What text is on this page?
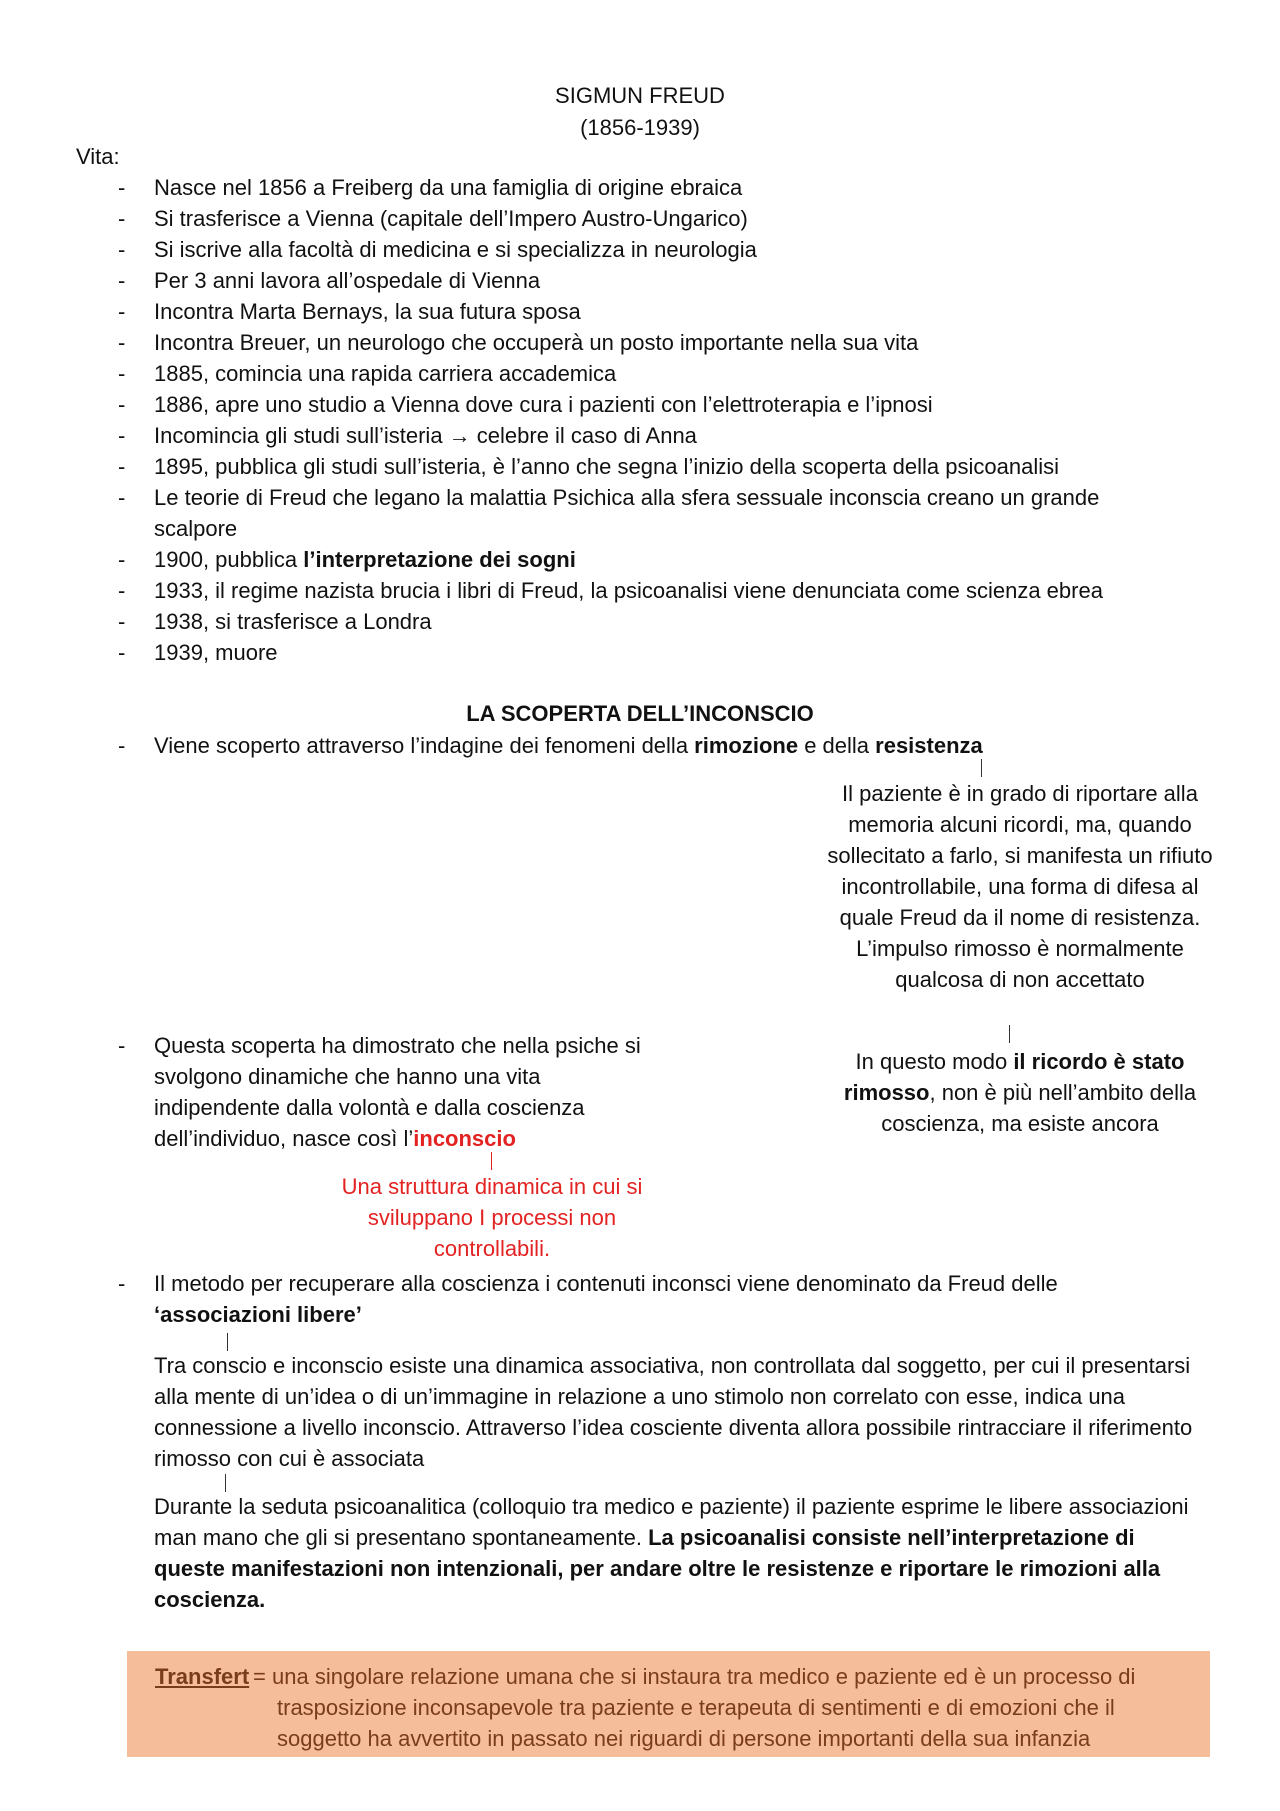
SIGMUN FREUD
(1856-1939)
Vita:
- Nasce nel 1856 a Freiberg da una famiglia di origine ebraica
- Si trasferisce a Vienna (capitale dell’Impero Austro-Ungarico)
- Si iscrive alla facoltà di medicina e si specializza in neurologia
- Per 3 anni lavora all’ospedale di Vienna
- Incontra Marta Bernays, la sua futura sposa
- Incontra Breuer, un neurologo che occuperà un posto importante nella sua vita
- 1885, comincia una rapida carriera accademica
- 1886, apre uno studio a Vienna dove cura i pazienti con l’elettroterapia e l’ipnosi
- Incomincia gli studi sull’isteria → celebre il caso di Anna
- 1895, pubblica gli studi sull’isteria, è l’anno che segna l’inizio della scoperta della psicoanalisi
- Le teorie di Freud che legano la malattia Psichica alla sfera sessuale inconscia creano un grande scalpore
- 1900, pubblica l’interpretazione dei sogni
- 1933, il regime nazista brucia i libri di Freud, la psicoanalisi viene denunciata come scienza ebrea
- 1938, si trasferisce a Londra
- 1939, muore
LA SCOPERTA DELL’INCONSCIO
- Viene scoperto attraverso l’indagine dei fenomeni della rimozione e della resistenza
Il paziente è in grado di riportare alla memoria alcuni ricordi, ma, quando sollecitato a farlo, si manifesta un rifiuto incontrollabile, una forma di difesa al quale Freud da il nome di resistenza. L’impulso rimosso è normalmente qualcosa di non accettato
In questo modo il ricordo è stato rimosso, non è più nell’ambito della coscienza, ma esiste ancora
- Questa scoperta ha dimostrato che nella psiche si svolgono dinamiche che hanno una vita indipendente dalla volontà e dalla coscienza dell’individuo, nasce così l’inconscio
Una struttura dinamica in cui si sviluppano I processi non controllabili.
- Il metodo per recuperare alla coscienza i contenuti inconsci viene denominato da Freud delle ‘associazioni libere’
Tra conscio e inconscio esiste una dinamica associativa, non controllata dal soggetto, per cui il presentarsi alla mente di un’idea o di un’immagine in relazione a uno stimolo non correlato con esse, indica una connessione a livello inconscio. Attraverso l’idea cosciente diventa allora possibile rintracciare il riferimento rimosso con cui è associata
Durante la seduta psicoanalitica (colloquio tra medico e paziente) il paziente esprime le libere associazioni man mano che gli si presentano spontaneamente. La psicoanalisi consiste nell’interpretazione di queste manifestazioni non intenzionali, per andare oltre le resistenze e riportare le rimozioni alla coscienza.
Transfert = una singolare relazione umana che si instaura tra medico e paziente ed è un processo di trasposizione inconsapevole tra paziente e terapeuta di sentimenti e di emozioni che il soggetto ha avvertito in passato nei riguardi di persone importanti della sua infanzia
